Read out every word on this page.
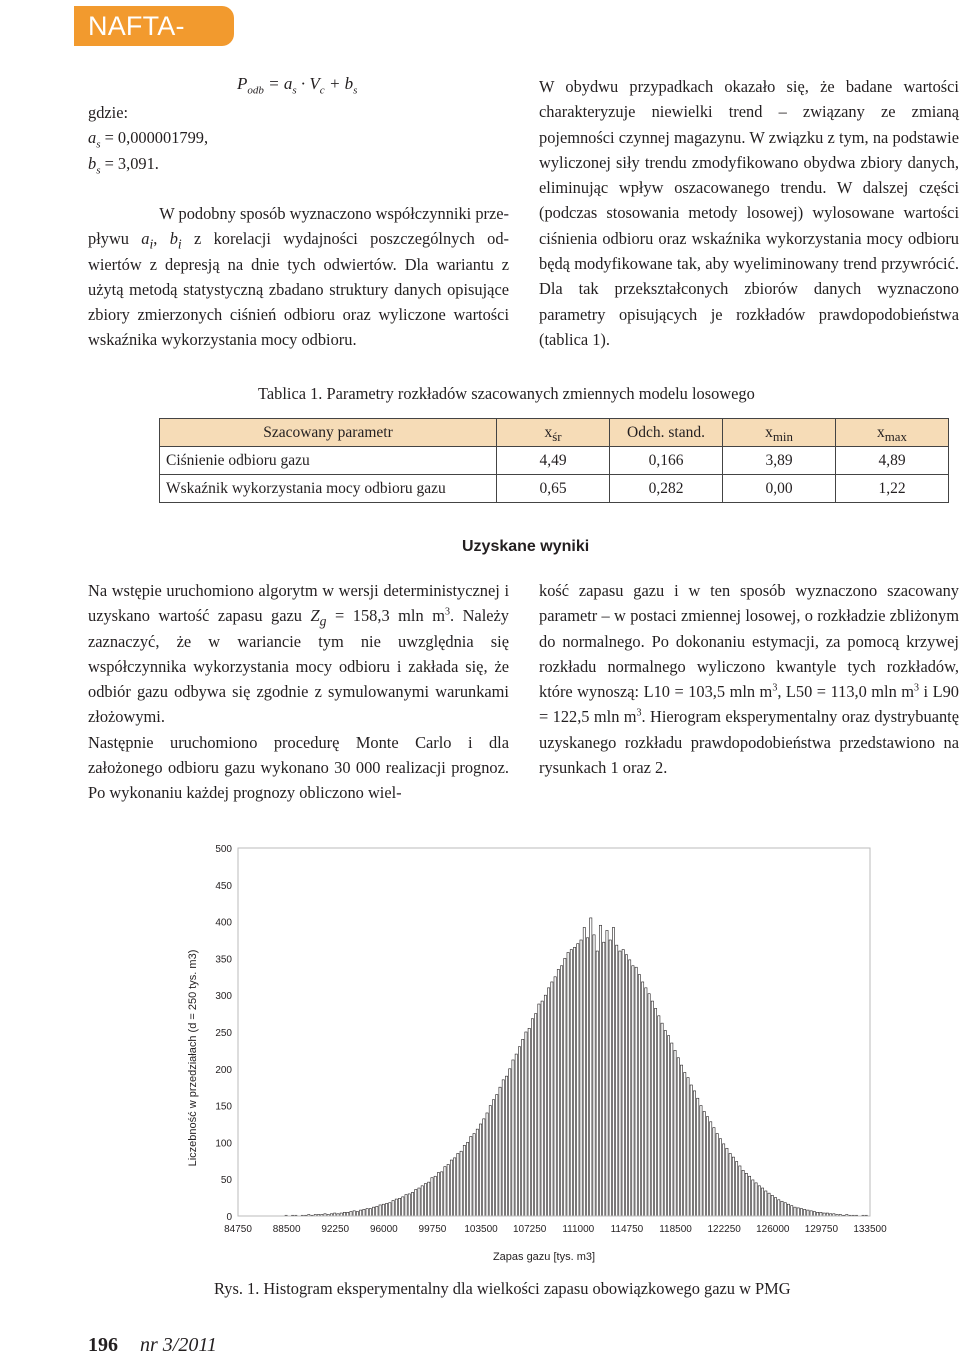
NAFTA-GAZ
$P_{odb} = a_s \cdot V_c + b_s$
gdzie:
$a_s = 0,000001799$,
$b_s = 3,091$.

W podobny sposób wyznaczono współczynniki prze-

pływu $a_i$, $b_i$ z korelacji wydajności poszczególnych od-

wiertów z depresją na dnie tych odwiertów. Dla wariantu z użytą metodą statystyczną zbadano struktury danych opisujące zbiory zmierzonych ciśnień odbioru oraz wyliczone wartości wskaźnika wykorzystania mocy odbioru.

W obydwu przypadkach okazało się, że badane wartości charakteryzuje niewielki trend – związany ze zmianą pojemności czynnej magazynu. W związku z tym, na podstawie wyliczonej siły trendu zmodyfikowano obydwa zbiory danych, eliminując wpływ oszacowanego trendu. W dalszej części (podczas stosowania metody losowej) wylosowane wartości ciśnienia odbioru oraz wskaźnika wykorzystania mocy odbioru będą modyfikowane tak, aby wyeliminowany trend przywrócić. Dla tak przekształconych zbiorów danych wyznaczono parametry opisujących je rozkładów prawdopodobieństwa (tablica 1).

Tablica 1. Parametry rozkładów szacowanych zmiennych modelu losowego
Szacowany parametr	$x_{śr}$	Odch. stand.	$x_{min}$	$x_{max}$
Ciśnienie odbioru gazu	4,49	0,166	3,89	4,89
Wskaźnik wykorzystania mocy odbioru gazu	0,65	0,282	0,00	1,22
Uzyskane wyniki

Na wstępie uruchomiono algorytm w wersji deterministycznej i uzyskano wartość zapasu gazu $Z_g = 158,3$ mln $m^3$. Należy zaznaczyć, że w wariancie tym nie uwzględnia się współczynnika wykorzystania mocy odbioru i zakłada się, że odbiór gazu odbywa się zgodnie z symulowanymi warunkami złożowymi.

Następnie uruchomiono procedurę Monte Carlo i dla założonego odbioru gazu wykonano 30 000 realizacji prognoz. Po wykonaniu każdej prognozy obliczono wiel-

kość zapasu gazu i w ten sposób wyznaczono szacowany parametr – w postaci zmiennej losowej, o rozkładzie zbliżonym do normalnego. Po dokonaniu estymacji, za pomocą krzywej rozkładu normalnego wyliczono kwantyle tych rozkładów, które wynoszą: L10 = 103,5 mln $m^3$, L50 = 113,0 mln $m^3$ i L90 = 122,5 mln $m^3$. Hierogram eksperymentalny oraz dystrybuantę uzyskanego rozkładu prawdopodobieństwa przedstawiono na rysunkach 1 oraz 2.

0
50
100
150
200
250
300
350
400
450
500
84750 88500 92250 96000 99750 103500 107250 111000 114750 118500 122250 126000 129750 133500
Liczebność w przedziałach (d = 250 tys. m3)
Zapas gazu [tys. m3]
Rys. 1. Histogram eksperymentalny dla wielkości zapasu obowiązkowego gazu w PMG
196 nr 3/2011
